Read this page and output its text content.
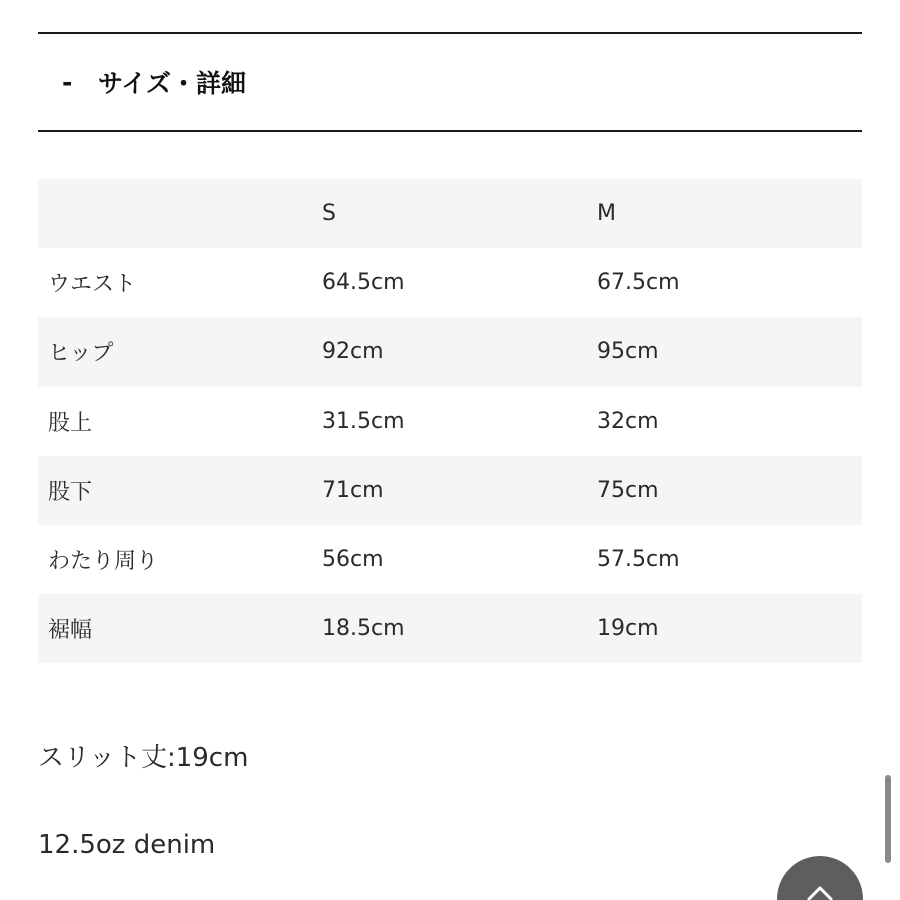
-	サイズ・詳細
	S	M
ウエスト	64.5cm	67.5cm
ヒップ	92cm	95cm
股上	31.5cm	32cm
股下	71cm	75cm
わたり周り	56cm	57.5cm
裾幅	18.5cm	19cm
スリット丈:19cm
12.5oz denim
